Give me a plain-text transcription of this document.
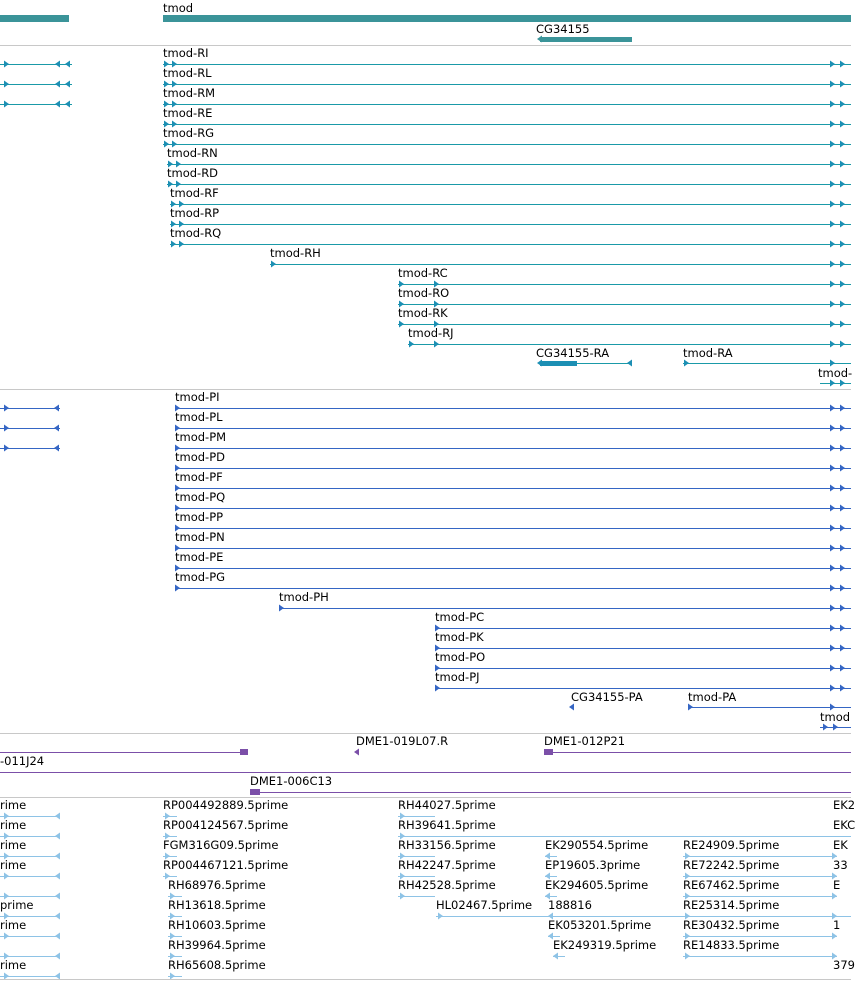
tmod
CG34155
tmod-RI
tmod-RL
tmod-RM
tmod-RE
tmod-RG
tmod-RN
tmod-RD
tmod-RF
tmod-RP
tmod-RQ
tmod-RH
tmod-RC
tmod-RO
tmod-RK
tmod-RJ
CG34155-RA	tmod-RA
tmod-
tmod-PI
tmod-PL
tmod-PM
tmod-PD
tmod-PF
tmod-PQ
tmod-PP
tmod-PN
tmod-PE
tmod-PG
tmod-PH
tmod-PC
tmod-PK
tmod-PO
tmod-PJ
CG34155-PA	tmod-PA
tmod
-011J24
DME1-019L07.R	DME1-012P21
DME1-006C13
rime
rime
rime
rime
prime
rime
rime
RP004492889.5prime
RP004124567.5prime
FGM316G09.5prime
RP004467121.5prime
RH68976.5prime
RH13618.5prime
RH10603.5prime
RH39964.5prime
RH65608.5prime
RH44027.5prime
RH39641.5prime
RH33156.5prime
RH42247.5prime
RH42528.5prime
HL02467.5prime
EK290554.5prime
EP19605.3prime
EK294605.5prime
188816
EK053201.5prime
EK249319.5prime
RE24909.5prime
RE72242.5prime
RE67462.5prime
RE25314.5prime
RE30432.5prime
RE14833.5prime
EK2
EKC
EK
33
E
1
379
